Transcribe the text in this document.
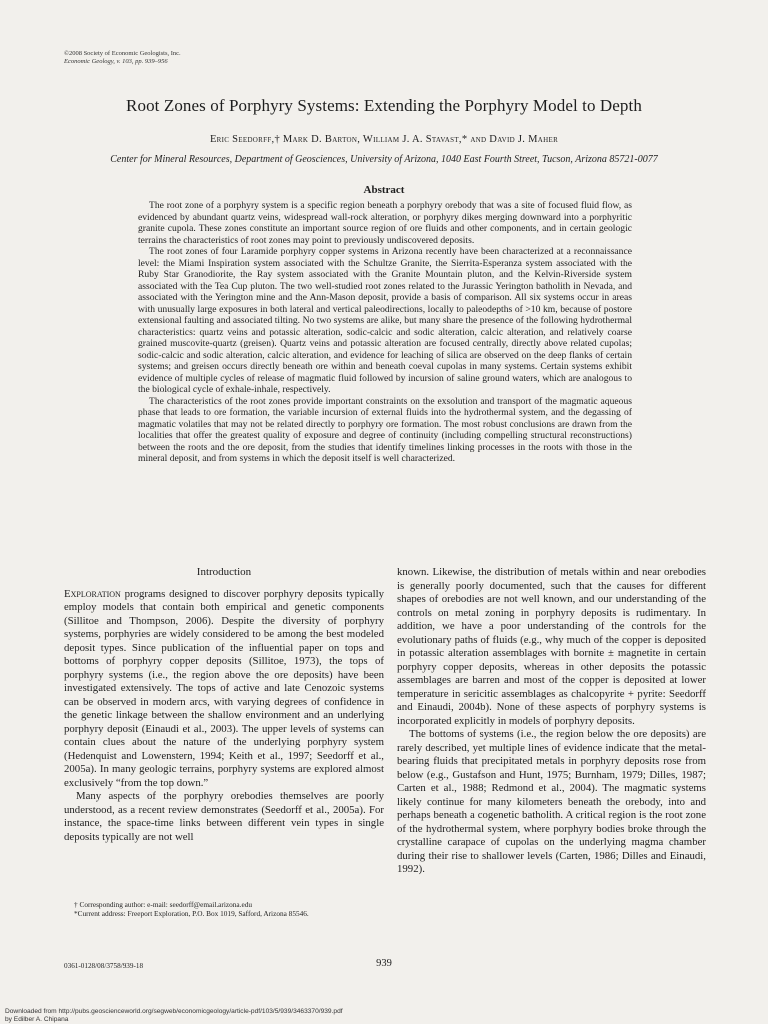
©2008 Society of Economic Geologists, Inc.
Economic Geology, v. 103, pp. 939–956
Root Zones of Porphyry Systems: Extending the Porphyry Model to Depth
Eric Seedorff,† Mark D. Barton, William J. A. Stavast,* and David J. Maher
Center for Mineral Resources, Department of Geosciences, University of Arizona, 1040 East Fourth Street, Tucson, Arizona 85721-0077
Abstract

The root zone of a porphyry system is a specific region beneath a porphyry orebody that was a site of focused fluid flow, as evidenced by abundant quartz veins, widespread wall-rock alteration, or porphyry dikes merging downward into a porphyritic granite cupola. These zones constitute an important source region of ore fluids and other components, and in certain geologic terrains the characteristics of root zones may point to previously undiscovered deposits.

The root zones of four Laramide porphyry copper systems in Arizona recently have been characterized at a reconnaissance level: the Miami Inspiration system associated with the Schultze Granite, the Sierrita-Esperanza system associated with the Ruby Star Granodiorite, the Ray system associated with the Granite Mountain pluton, and the Kelvin-Riverside system associated with the Tea Cup pluton. The two well-studied root zones related to the Jurassic Yerington batholith in Nevada, and associated with the Yerington mine and the Ann-Mason deposit, provide a basis of comparison. All six systems occur in areas with unusually large exposures in both lateral and vertical paleodirections, locally to paleodepths of >10 km, because of postore extensional faulting and associated tilting. No two systems are alike, but many share the presence of the following hydrothermal characteristics: quartz veins and potassic alteration, sodic-calcic and sodic alteration, calcic alteration, and relatively coarse grained muscovite-quartz (greisen). Quartz veins and potassic alteration are focused centrally, directly above related cupolas; sodic-calcic and sodic alteration, calcic alteration, and evidence for leaching of silica are observed on the deep flanks of certain systems; and greisen occurs directly beneath ore within and beneath coeval cupolas in many systems. Certain systems exhibit evidence of multiple cycles of release of magmatic fluid followed by incursion of saline ground waters, which are analogous to the biological cycle of exhale-inhale, respectively.

The characteristics of the root zones provide important constraints on the exsolution and transport of the magmatic aqueous phase that leads to ore formation, the variable incursion of external fluids into the hydrothermal system, and the degassing of magmatic volatiles that may not be related directly to porphyry ore formation. The most robust conclusions are drawn from the localities that offer the greatest quality of exposure and degree of continuity (including compelling structural reconstructions) between the roots and the ore deposit, from the studies that identify timelines linking processes in the roots with those in the mineral deposit, and from systems in which the deposit itself is well characterized.

Introduction

Exploration programs designed to discover porphyry deposits typically employ models that contain both empirical and genetic components (Sillitoe and Thompson, 2006). Despite the diversity of porphyry systems, porphyries are widely considered to be among the best modeled deposit types. Since publication of the influential paper on tops and bottoms of porphyry copper deposits (Sillitoe, 1973), the tops of porphyry systems (i.e., the region above the ore deposits) have been investigated extensively. The tops of active and late Cenozoic systems can be observed in modern arcs, with varying degrees of confidence in the genetic linkage between the shallow environment and an underlying porphyry deposit (Einaudi et al., 2003). The upper levels of systems can contain clues about the nature of the underlying porphyry system (Hedenquist and Lowenstern, 1994; Keith et al., 1997; Seedorff et al., 2005a). In many geologic terrains, porphyry systems are explored almost exclusively “from the top down.”

Many aspects of the porphyry orebodies themselves are poorly understood, as a recent review demonstrates (Seedorff et al., 2005a). For instance, the space-time links between different vein types in single deposits typically are not well

known. Likewise, the distribution of metals within and near orebodies is generally poorly documented, such that the causes for different shapes of orebodies are not well known, and our understanding of the controls on metal zoning in porphyry deposits is rudimentary. In addition, we have a poor understanding of the controls for the evolutionary paths of fluids (e.g., why much of the copper is deposited in potassic alteration assemblages with bornite ± magnetite in certain porphyry copper deposits, whereas in other deposits the potassic assemblages are barren and most of the copper is deposited at lower temperature in sericitic assemblages as chalcopyrite + pyrite: Seedorff and Einaudi, 2004b). None of these aspects of porphyry systems is incorporated explicitly in models of porphyry deposits.

The bottoms of systems (i.e., the region below the ore deposits) are rarely described, yet multiple lines of evidence indicate that the metal-bearing fluids that precipitated metals in porphyry deposits rose from below (e.g., Gustafson and Hunt, 1975; Burnham, 1979; Dilles, 1987; Carten et al., 1988; Redmond et al., 2004). The magmatic systems likely continue for many kilometers beneath the orebody, into and perhaps beneath a cogenetic batholith. A critical region is the root zone of the hydrothermal system, where porphyry bodies broke through the crystalline carapace of cupolas on the underlying magma chamber during their rise to shallower levels (Carten, 1986; Dilles and Einaudi, 1992).

† Corresponding author: e-mail: seedorff@email.arizona.edu
*Current address: Freeport Exploration, P.O. Box 1019, Safford, Arizona 85546.
0361-0128/08/3758/939-18	939
Downloaded from http://pubs.geoscienceworld.org/segweb/economicgeology/article-pdf/103/5/939/3463370/939.pdf
by Edilber A. Chipana
